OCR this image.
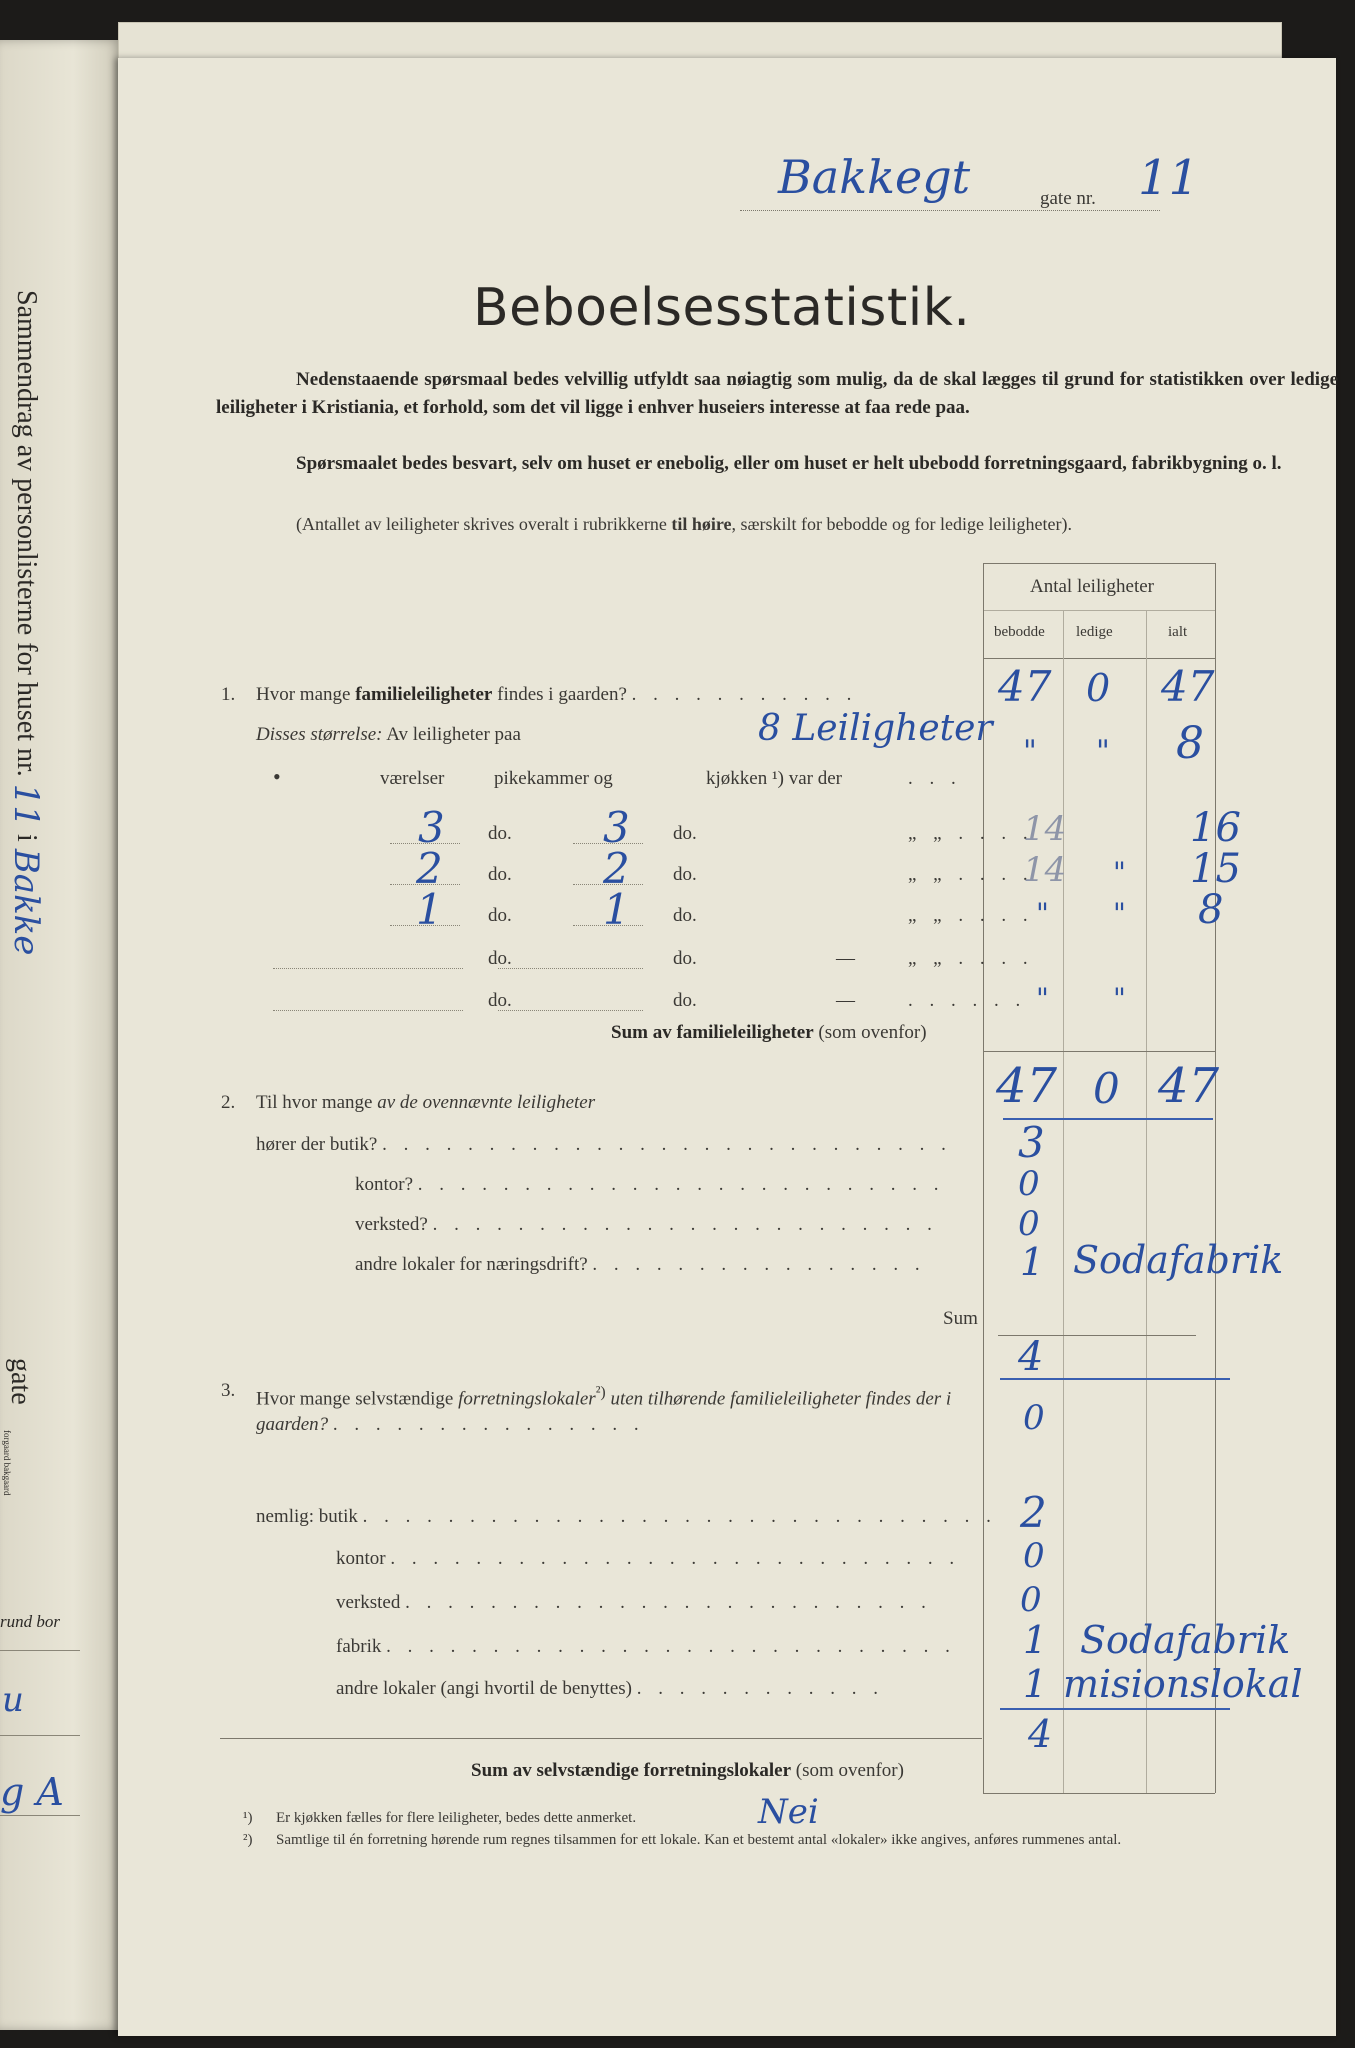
Sammendrag av personlisterne for huset nr. 11 i Bakke
gate
forgaard bakgaard
rund bor
u
g A
Bakkegt	gate nr. 11
Beboelsesstatistik.
Nedenstaaende spørsmaal bedes velvillig utfyldt saa nøiagtig som mulig, da de skal lægges til grund for statistikken over ledige leiligheter i Kristiania, et forhold, som det vil ligge i enhver huseiers interesse at faa rede paa.
Spørsmaalet bedes besvart, selv om huset er enebolig, eller om huset er helt ubebodd forretningsgaard, fabrikbygning o. l.
(Antallet av leiligheter skrives overalt i rubrikkerne til høire, særskilt for bebodde og for ledige leiligheter).
Antal leiligheter
bebodde ledige	ialt
1. Hvor mange familieleiligheter findes i gaarden? . . . . . . . . . . .	47 0 47
Disses størrelse: Av leiligheter paa	8 Leiligheter
" " 8
•	værelser	pikekammer og	kjøkken ¹) var der	. . .
3 do. 3 do.	„ „ . . . .
14	16
2 do. 2 do.	„ „ . . . .
14 " 15
1 do. 1 do.	„ „ . . . . " " 8
do.	do.	—	„ „ . . . .
do.	do.	—	. . . . . . " "
Sum av familieleiligheter (som ovenfor)
47 0 47
2. Til hvor mange av de ovennævnte leiligheter
hører der butik? . . . . . . . . . . . . . . . . . . . . . . . . . . . 3
kontor? . . . . . . . . . . . . . . . . . . . . . . . . . 0
verksted? . . . . . . . . . . . . . . . . . . . . . . . . 0
andre lokaler for næringsdrift? . . . . . . . . . . . . . . . . 1 Sodafabrik
Sum
4
3. Hvor mange selvstændige forretningslokaler$^{^2)}$ uten tilhørende familieleiligheter findes der i gaarden? . . . . . . . . . . . . . . .	0
nemlig: butik . . . . . . . . . . . . . . . . . . . . . . . . . . . . . . 2
kontor . . . . . . . . . . . . . . . . . . . . . . . . . . . 0
verksted . . . . . . . . . . . . . . . . . . . . . . . . .	0
fabrik . . . . . . . . . . . . . . . . . . . . . . . . . . . 1 Sodafabrik
andre lokaler (angi hvortil de benyttes) . . . . . . . . . . . .	1 misionslokal
4
Sum av selvstændige forretningslokaler (som ovenfor)
¹) Er kjøkken fælles for flere leiligheter, bedes dette anmerket.	Nei
²) Samtlige til én forretning hørende rum regnes tilsammen for ett lokale. Kan et bestemt antal «lokaler» ikke angives, anføres rummenes antal.
